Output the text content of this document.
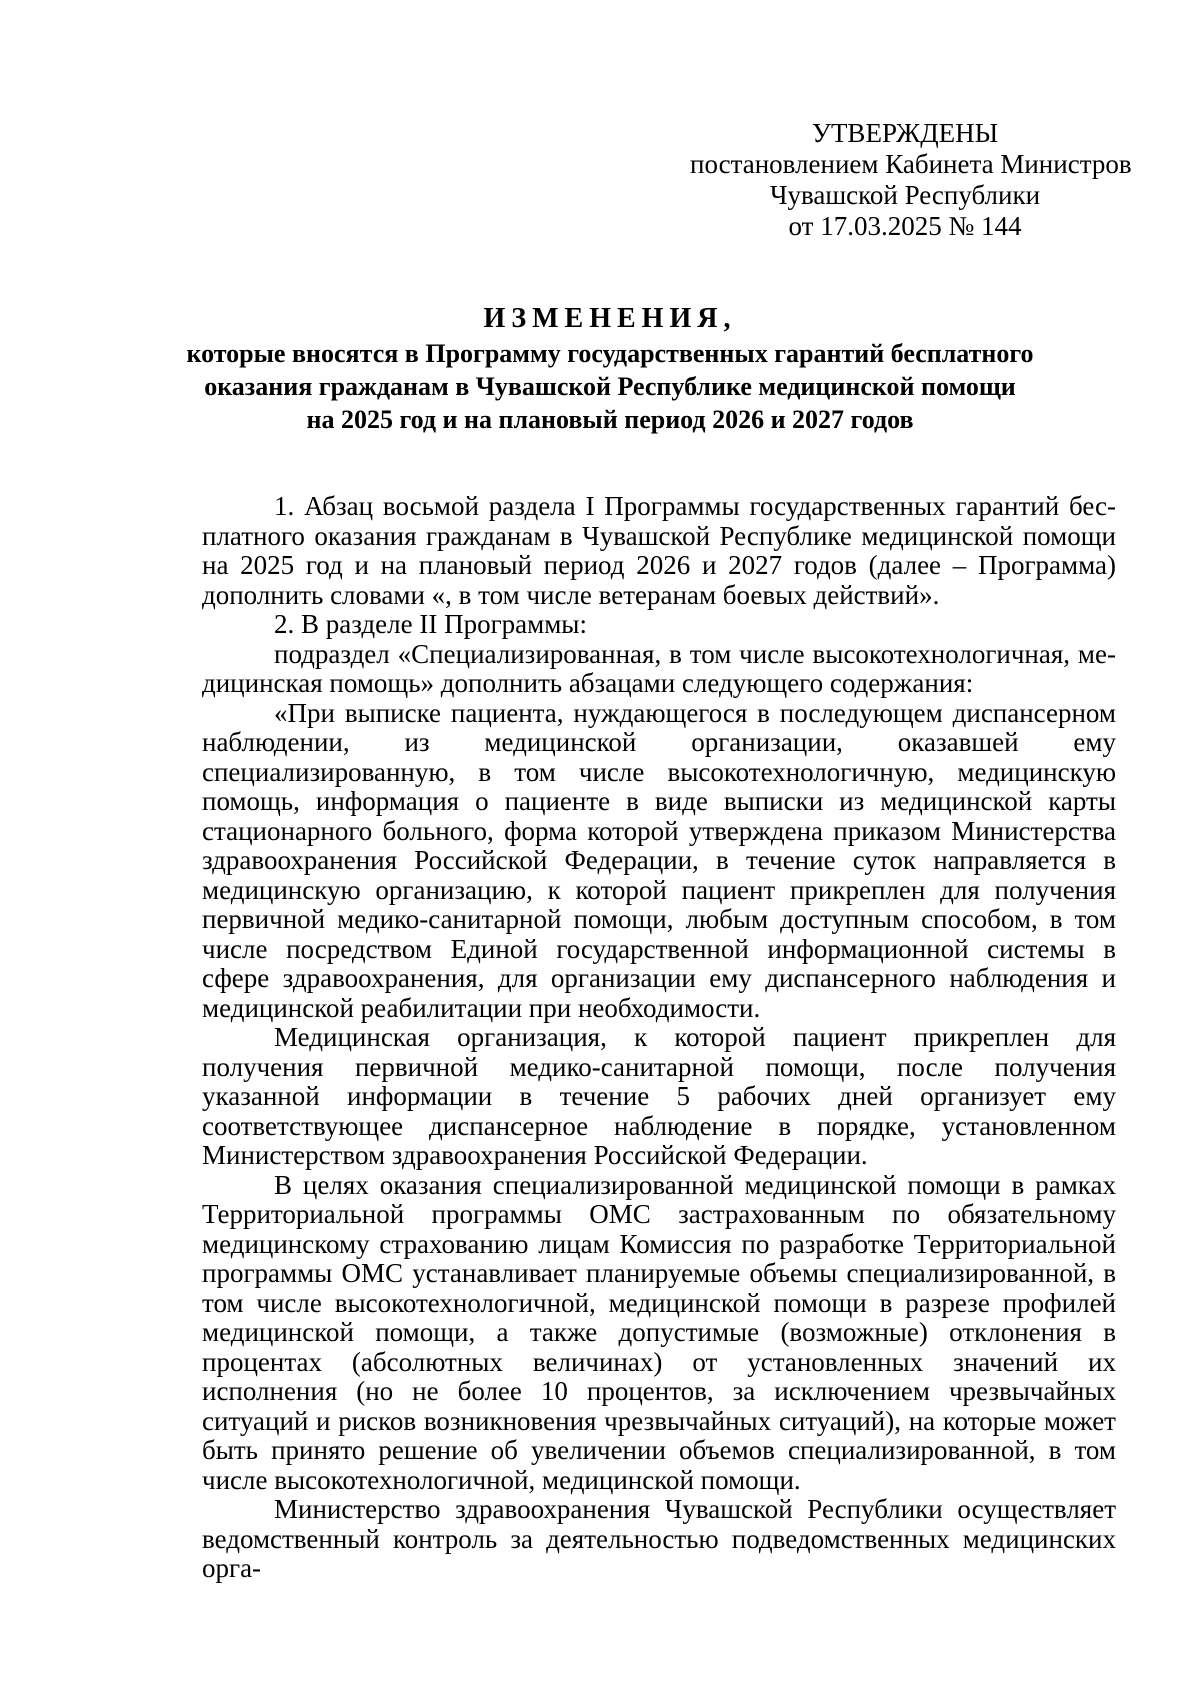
УТВЕРЖДЕНЫ
постановлением Кабинета Министров
Чувашской Республики
от 17.03.2025 № 144
ИЗМЕНЕНИЯ,
которые вносятся в Программу государственных гарантий бесплатного
оказания гражданам в Чувашской Республике медицинской помощи
на 2025 год и на плановый период 2026 и 2027 годов

1. Абзац восьмой раздела I Программы государственных гарантий бесплатного оказания гражданам в Чувашской Республике медицинской помощи на 2025 год и на плановый период 2026 и 2027 годов (далее – Программа) дополнить словами «, в том числе ветеранам боевых действий».

2. В разделе II Программы:

подраздел «Специализированная, в том числе высокотехнологичная, медицинская помощь» дополнить абзацами следующего содержания:

«При выписке пациента, нуждающегося в последующем диспансерном наблюдении, из медицинской организации, оказавшей ему специализированную, в том числе высокотехнологичную, медицинскую помощь, информация о пациенте в виде выписки из медицинской карты стационарного больного, форма которой утверждена приказом Министерства здравоохранения Российской Федерации, в течение суток направляется в медицинскую организацию, к которой пациент прикреплен для получения первичной медико-санитарной помощи, любым доступным способом, в том числе посредством Единой государственной информационной системы в сфере здравоохранения, для организации ему диспансерного наблюдения и медицинской реабилитации при необходимости.

Медицинская организация, к которой пациент прикреплен для получения первичной медико-санитарной помощи, после получения указанной информации в течение 5 рабочих дней организует ему соответствующее диспансерное наблюдение в порядке, установленном Министерством здравоохранения Российской Федерации.

В целях оказания специализированной медицинской помощи в рамках Территориальной программы ОМС застрахованным по обязательному медицинскому страхованию лицам Комиссия по разработке Территориальной программы ОМС устанавливает планируемые объемы специализированной, в том числе высокотехнологичной, медицинской помощи в разрезе профилей медицинской помощи, а также допустимые (возможные) отклонения в процентах (абсолютных величинах) от установленных значений их исполнения (но не более 10 процентов, за исключением чрезвычайных ситуаций и рисков возникновения чрезвычайных ситуаций), на которые может быть принято решение об увеличении объемов специализированной, в том числе высокотехнологичной, медицинской помощи.

Министерство здравоохранения Чувашской Республики осуществляет ведомственный контроль за деятельностью подведомственных медицинских орга-
